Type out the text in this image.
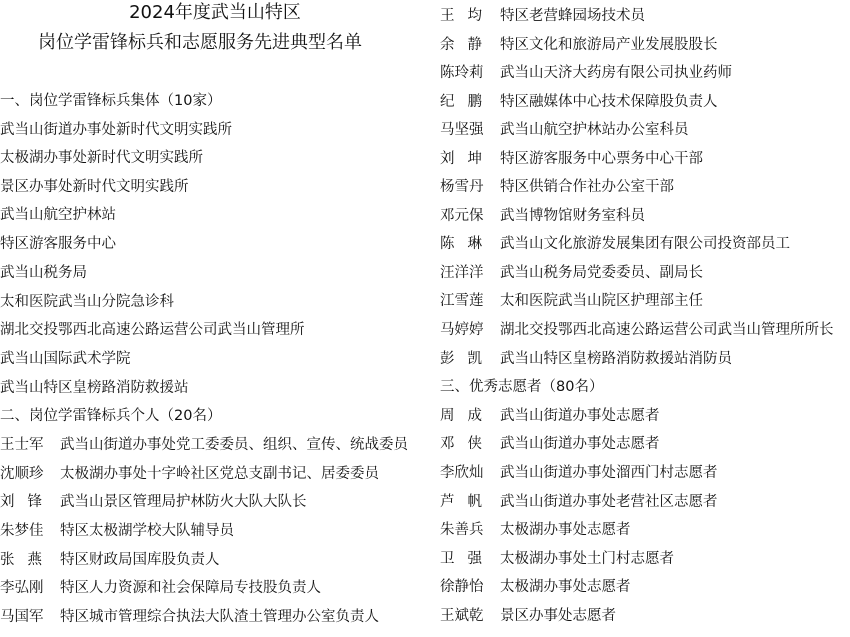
2024年度武当山特区
岗位学雷锋标兵和志愿服务先进典型名单
一、岗位学雷锋标兵集体（10家）
武当山街道办事处新时代文明实践所
太极湖办事处新时代文明实践所
景区办事处新时代文明实践所
武当山航空护林站
特区游客服务中心
武当山税务局
太和医院武当山分院急诊科
湖北交投鄂西北高速公路运营公司武当山管理所
武当山国际武术学院
武当山特区皇榜路消防救援站
二、岗位学雷锋标兵个人（20名）
王士军 武当山街道办事处党工委委员、组织、宣传、统战委员
沈顺珍 太极湖办事处十字岭社区党总支副书记、居委委员
刘锋 武当山景区管理局护林防火大队大队长
朱梦佳 特区太极湖学校大队辅导员
张燕 特区财政局国库股负责人
李弘刚 特区人力资源和社会保障局专技股负责人
马国军 特区城市管理综合执法大队渣土管理办公室负责人
王均 特区老营蜂园场技术员
余静 特区文化和旅游局产业发展股股长
陈玲莉 武当山天济大药房有限公司执业药师
纪鹏 特区融媒体中心技术保障股负责人
马坚强 武当山航空护林站办公室科员
刘坤 特区游客服务中心票务中心干部
杨雪丹 特区供销合作社办公室干部
邓元保 武当博物馆财务室科员
陈琳 武当山文化旅游发展集团有限公司投资部员工
汪洋洋 武当山税务局党委委员、副局长
江雪莲 太和医院武当山院区护理部主任
马婷婷 湖北交投鄂西北高速公路运营公司武当山管理所所长
彭凯 武当山特区皇榜路消防救援站消防员
三、优秀志愿者（80名）
周成 武当山街道办事处志愿者
邓侠 武当山街道办事处志愿者
李欣灿 武当山街道办事处溜西门村志愿者
芦帆 武当山街道办事处老营社区志愿者
朱善兵 太极湖办事处志愿者
卫强 太极湖办事处土门村志愿者
徐静怡 太极湖办事处志愿者
王斌乾 景区办事处志愿者
